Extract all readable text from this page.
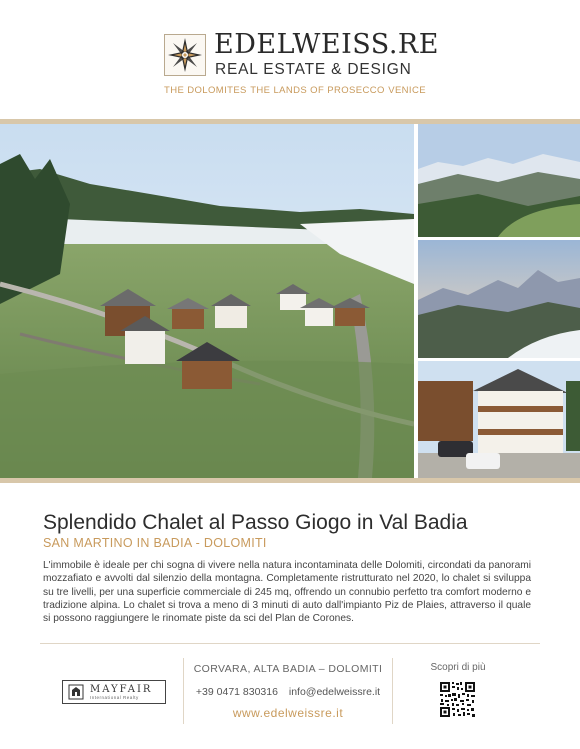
EDELWEISS.RE
REAL ESTATE & DESIGN
THE DOLOMITES THE LANDS OF PROSECCO VENICE
Splendido Chalet al Passo Giogo in Val Badia
SAN MARTINO IN BADIA - DOLOMITI

L'immobile è ideale per chi sogna di vivere nella natura incontaminata delle Dolomiti, circondati da panorami mozzafiato e avvolti dal silenzio della montagna. Completamente ristrutturato nel 2020, lo chalet si sviluppa su tre livelli, per una superficie commerciale di 245 mq, offrendo un connubio perfetto tra comfort moderno e tradizione alpina. Lo chalet si trova a meno di 3 minuti di auto dall'impianto Piz de Plaies, attraverso il quale si possono raggiungere le rinomate piste da sci del Plan de Corones.

MAYFAIR
International Realty
CORVARA, ALTA BADIA – DOLOMITI
+39 0471 830316 info@edelweissre.it
www.edelweissre.it
Scopri di più
